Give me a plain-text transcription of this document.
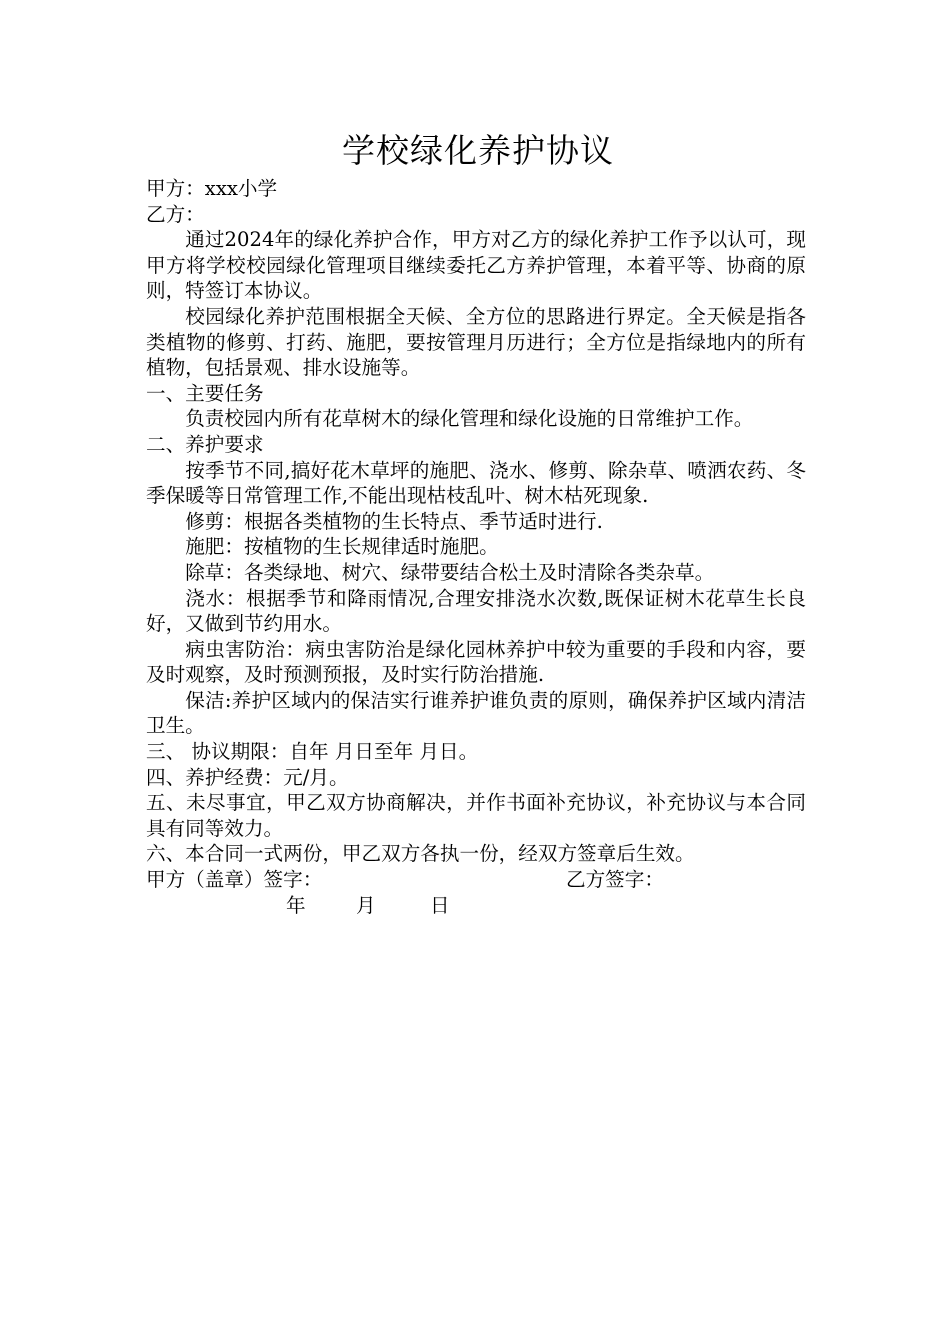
学校绿化养护协议

甲方：xxx小学

乙方：

通过2024年的绿化养护合作，甲方对乙方的绿化养护工作予以认可，现甲方将学校校园绿化管理项目继续委托乙方养护管理，本着平等、协商的原则，特签订本协议。

校园绿化养护范围根据全天候、全方位的思路进行界定。全天候是指各类植物的修剪、打药、施肥，要按管理月历进行；全方位是指绿地内的所有植物，包括景观、排水设施等。

一、主要任务

负责校园内所有花草树木的绿化管理和绿化设施的日常维护工作。

二、养护要求

按季节不同,搞好花木草坪的施肥、浇水、修剪、除杂草、喷洒农药、冬季保暖等日常管理工作,不能出现枯枝乱叶、树木枯死现象.

修剪：根据各类植物的生长特点、季节适时进行.

施肥：按植物的生长规律适时施肥。

除草：各类绿地、树穴、绿带要结合松土及时清除各类杂草。

浇水：根据季节和降雨情况,合理安排浇水次数,既保证树木花草生长良好，又做到节约用水。

病虫害防治：病虫害防治是绿化园林养护中较为重要的手段和内容，要及时观察，及时预测预报，及时实行防治措施.

保洁:养护区域内的保洁实行谁养护谁负责的原则，确保养护区域内清洁卫生。

三、 协议期限：自年 月日至年 月日。

四、养护经费：元/月。

五、未尽事宜，甲乙双方协商解决，并作书面补充协议，补充协议与本合同具有同等效力。

六、本合同一式两份，甲乙双方各执一份，经双方签章后生效。

甲方（盖章）签字：	乙方签字：
年	月	日
